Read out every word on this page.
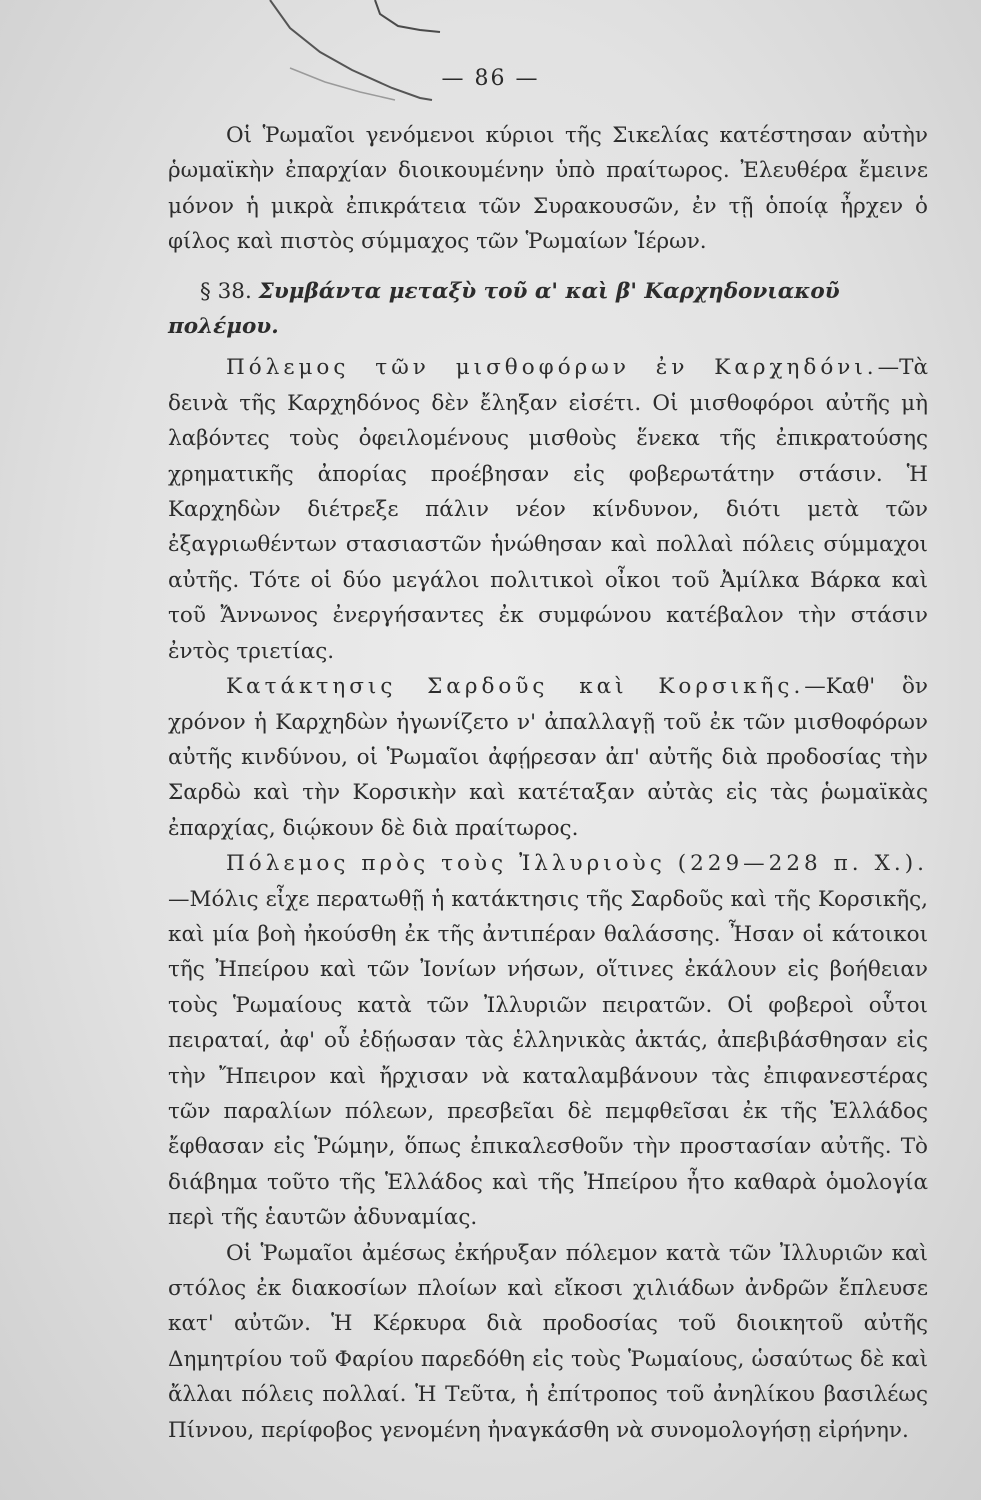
— 86 —

Οἱ Ῥωμαῖοι γενόμενοι κύριοι τῆς Σικελίας κατέστησαν αὐτὴν ῥωμαϊκὴν ἐπαρχίαν διοικουμένην ὑπὸ πραίτωρος. Ἐλευθέρα ἔμεινε μόνον ἡ μικρὰ ἐπικράτεια τῶν Συρακουσῶν, ἐν τῇ ὁποίᾳ ἦρχεν ὁ φίλος καὶ πιστὸς σύμμαχος τῶν Ῥωμαίων Ἱέρων.

§ 38. Συμβάντα μεταξὺ τοῦ α' καὶ β' Καρχηδονιακοῦ πολέμου.

Πόλεμος τῶν μισθοφόρων ἐν Καρχηδόνι.—Τὰ δεινὰ τῆς Καρχηδόνος δὲν ἔληξαν εἰσέτι. Οἱ μισθοφόροι αὐτῆς μὴ λαβόντες τοὺς ὀφειλομένους μισθοὺς ἕνεκα τῆς ἐπικρατούσης χρηματικῆς ἀπορίας προέβησαν εἰς φοβερωτάτην στάσιν. Ἡ Καρχηδὼν διέτρεξε πάλιν νέον κίνδυνον, διότι μετὰ τῶν ἐξαγριωθέντων στασιαστῶν ἡνώθησαν καὶ πολλαὶ πόλεις σύμμαχοι αὐτῆς. Τότε οἱ δύο μεγάλοι πολιτικοὶ οἶκοι τοῦ Ἀμίλκα Βάρκα καὶ τοῦ Ἄννωνος ἐνεργήσαντες ἐκ συμφώνου κατέβαλον τὴν στάσιν ἐντὸς τριετίας.

Κατάκτησις Σαρδοῦς καὶ Κορσικῆς.—Καθ' ὃν χρόνον ἡ Καρχηδὼν ἠγωνίζετο ν' ἀπαλλαγῇ τοῦ ἐκ τῶν μισθοφόρων αὐτῆς κινδύνου, οἱ Ῥωμαῖοι ἀφῄρεσαν ἀπ' αὐτῆς διὰ προδοσίας τὴν Σαρδὼ καὶ τὴν Κορσικὴν καὶ κατέταξαν αὐτὰς εἰς τὰς ῥωμαϊκὰς ἐπαρχίας, διῴκουν δὲ διὰ πραίτωρος.

Πόλεμος πρὸς τοὺς Ἰλλυριοὺς (229—228 π. Χ.).—Μόλις εἶχε περατωθῇ ἡ κατάκτησις τῆς Σαρδοῦς καὶ τῆς Κορσικῆς, καὶ μία βοὴ ἠκούσθη ἐκ τῆς ἀντιπέραν θαλάσσης. Ἦσαν οἱ κάτοικοι τῆς Ἠπείρου καὶ τῶν Ἰονίων νήσων, οἵτινες ἐκάλουν εἰς βοήθειαν τοὺς Ῥωμαίους κατὰ τῶν Ἰλλυριῶν πειρατῶν. Οἱ φοβεροὶ οὗτοι πειραταί, ἀφ' οὗ ἐδῄωσαν τὰς ἑλληνικὰς ἀκτάς, ἀπεβιβάσθησαν εἰς τὴν Ἤπειρον καὶ ἤρχισαν νὰ καταλαμβάνουν τὰς ἐπιφανεστέρας τῶν παραλίων πόλεων, πρεσβεῖαι δὲ πεμφθεῖσαι ἐκ τῆς Ἑλλάδος ἔφθασαν εἰς Ῥώμην, ὅπως ἐπικαλεσθοῦν τὴν προστασίαν αὐτῆς. Τὸ διάβημα τοῦτο τῆς Ἑλλάδος καὶ τῆς Ἠπείρου ἦτο καθαρὰ ὁμολογία περὶ τῆς ἑαυτῶν ἀδυναμίας.

Οἱ Ῥωμαῖοι ἀμέσως ἐκήρυξαν πόλεμον κατὰ τῶν Ἰλλυριῶν καὶ στόλος ἐκ διακοσίων πλοίων καὶ εἴκοσι χιλιάδων ἀνδρῶν ἔπλευσε κατ' αὐτῶν. Ἡ Κέρκυρα διὰ προδοσίας τοῦ διοικητοῦ αὐτῆς Δημητρίου τοῦ Φαρίου παρεδόθη εἰς τοὺς Ῥωμαίους, ὡσαύτως δὲ καὶ ἄλλαι πόλεις πολλαί. Ἡ Τεῦτα, ἡ ἐπίτροπος τοῦ ἀνηλίκου βασιλέως Πίννου, περίφοβος γενομένη ἠναγκάσθη νὰ συνομολογήσῃ εἰρήνην.
